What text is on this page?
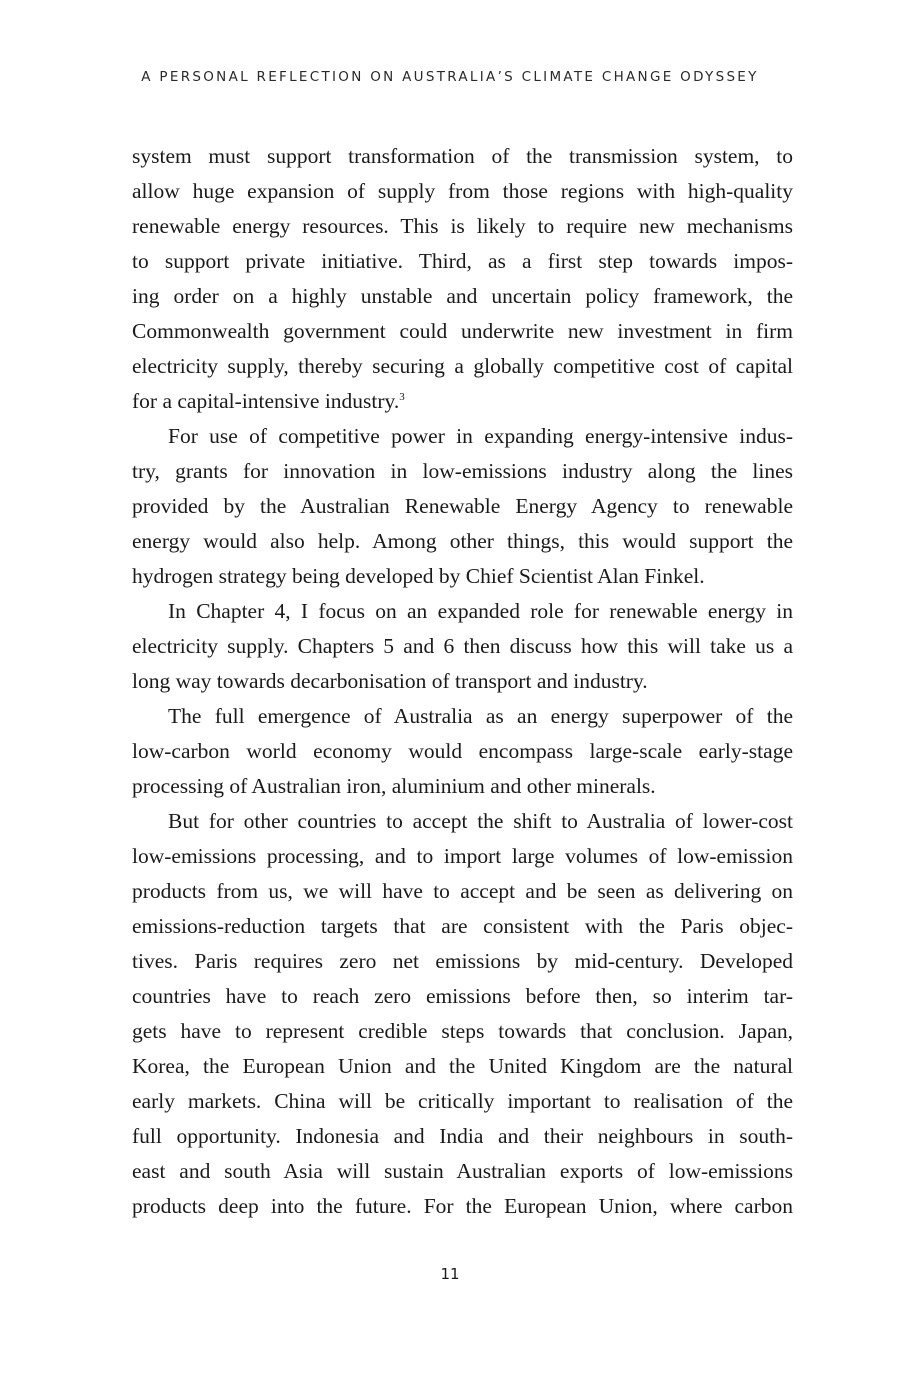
A PERSONAL REFLECTION ON AUSTRALIA’S CLIMATE CHANGE ODYSSEY
system must support transformation of the transmission system, to
allow huge expansion of supply from those regions with high-quality
renewable energy resources. This is likely to require new mechanisms
to support private initiative. Third, as a first step towards impos-
ing order on a highly unstable and uncertain policy framework, the
Commonwealth government could underwrite new investment in firm
electricity supply, thereby securing a globally competitive cost of capital
for a capital-intensive industry.$^3$
For use of competitive power in expanding energy-intensive indus-
try, grants for innovation in low-emissions industry along the lines
provided by the Australian Renewable Energy Agency to renewable
energy would also help. Among other things, this would support the
hydrogen strategy being developed by Chief Scientist Alan Finkel.
In Chapter 4, I focus on an expanded role for renewable energy in
electricity supply. Chapters 5 and 6 then discuss how this will take us a
long way towards decarbonisation of transport and industry.
The full emergence of Australia as an energy superpower of the
low-carbon world economy would encompass large-scale early-stage
processing of Australian iron, aluminium and other minerals.
But for other countries to accept the shift to Australia of lower-cost
low-emissions processing, and to import large volumes of low-emission
products from us, we will have to accept and be seen as delivering on
emissions-reduction targets that are consistent with the Paris objec-
tives. Paris requires zero net emissions by mid-century. Developed
countries have to reach zero emissions before then, so interim tar-
gets have to represent credible steps towards that conclusion. Japan,
Korea, the European Union and the United Kingdom are the natural
early markets. China will be critically important to realisation of the
full opportunity. Indonesia and India and their neighbours in south-
east and south Asia will sustain Australian exports of low-emissions
products deep into the future. For the European Union, where carbon
11
